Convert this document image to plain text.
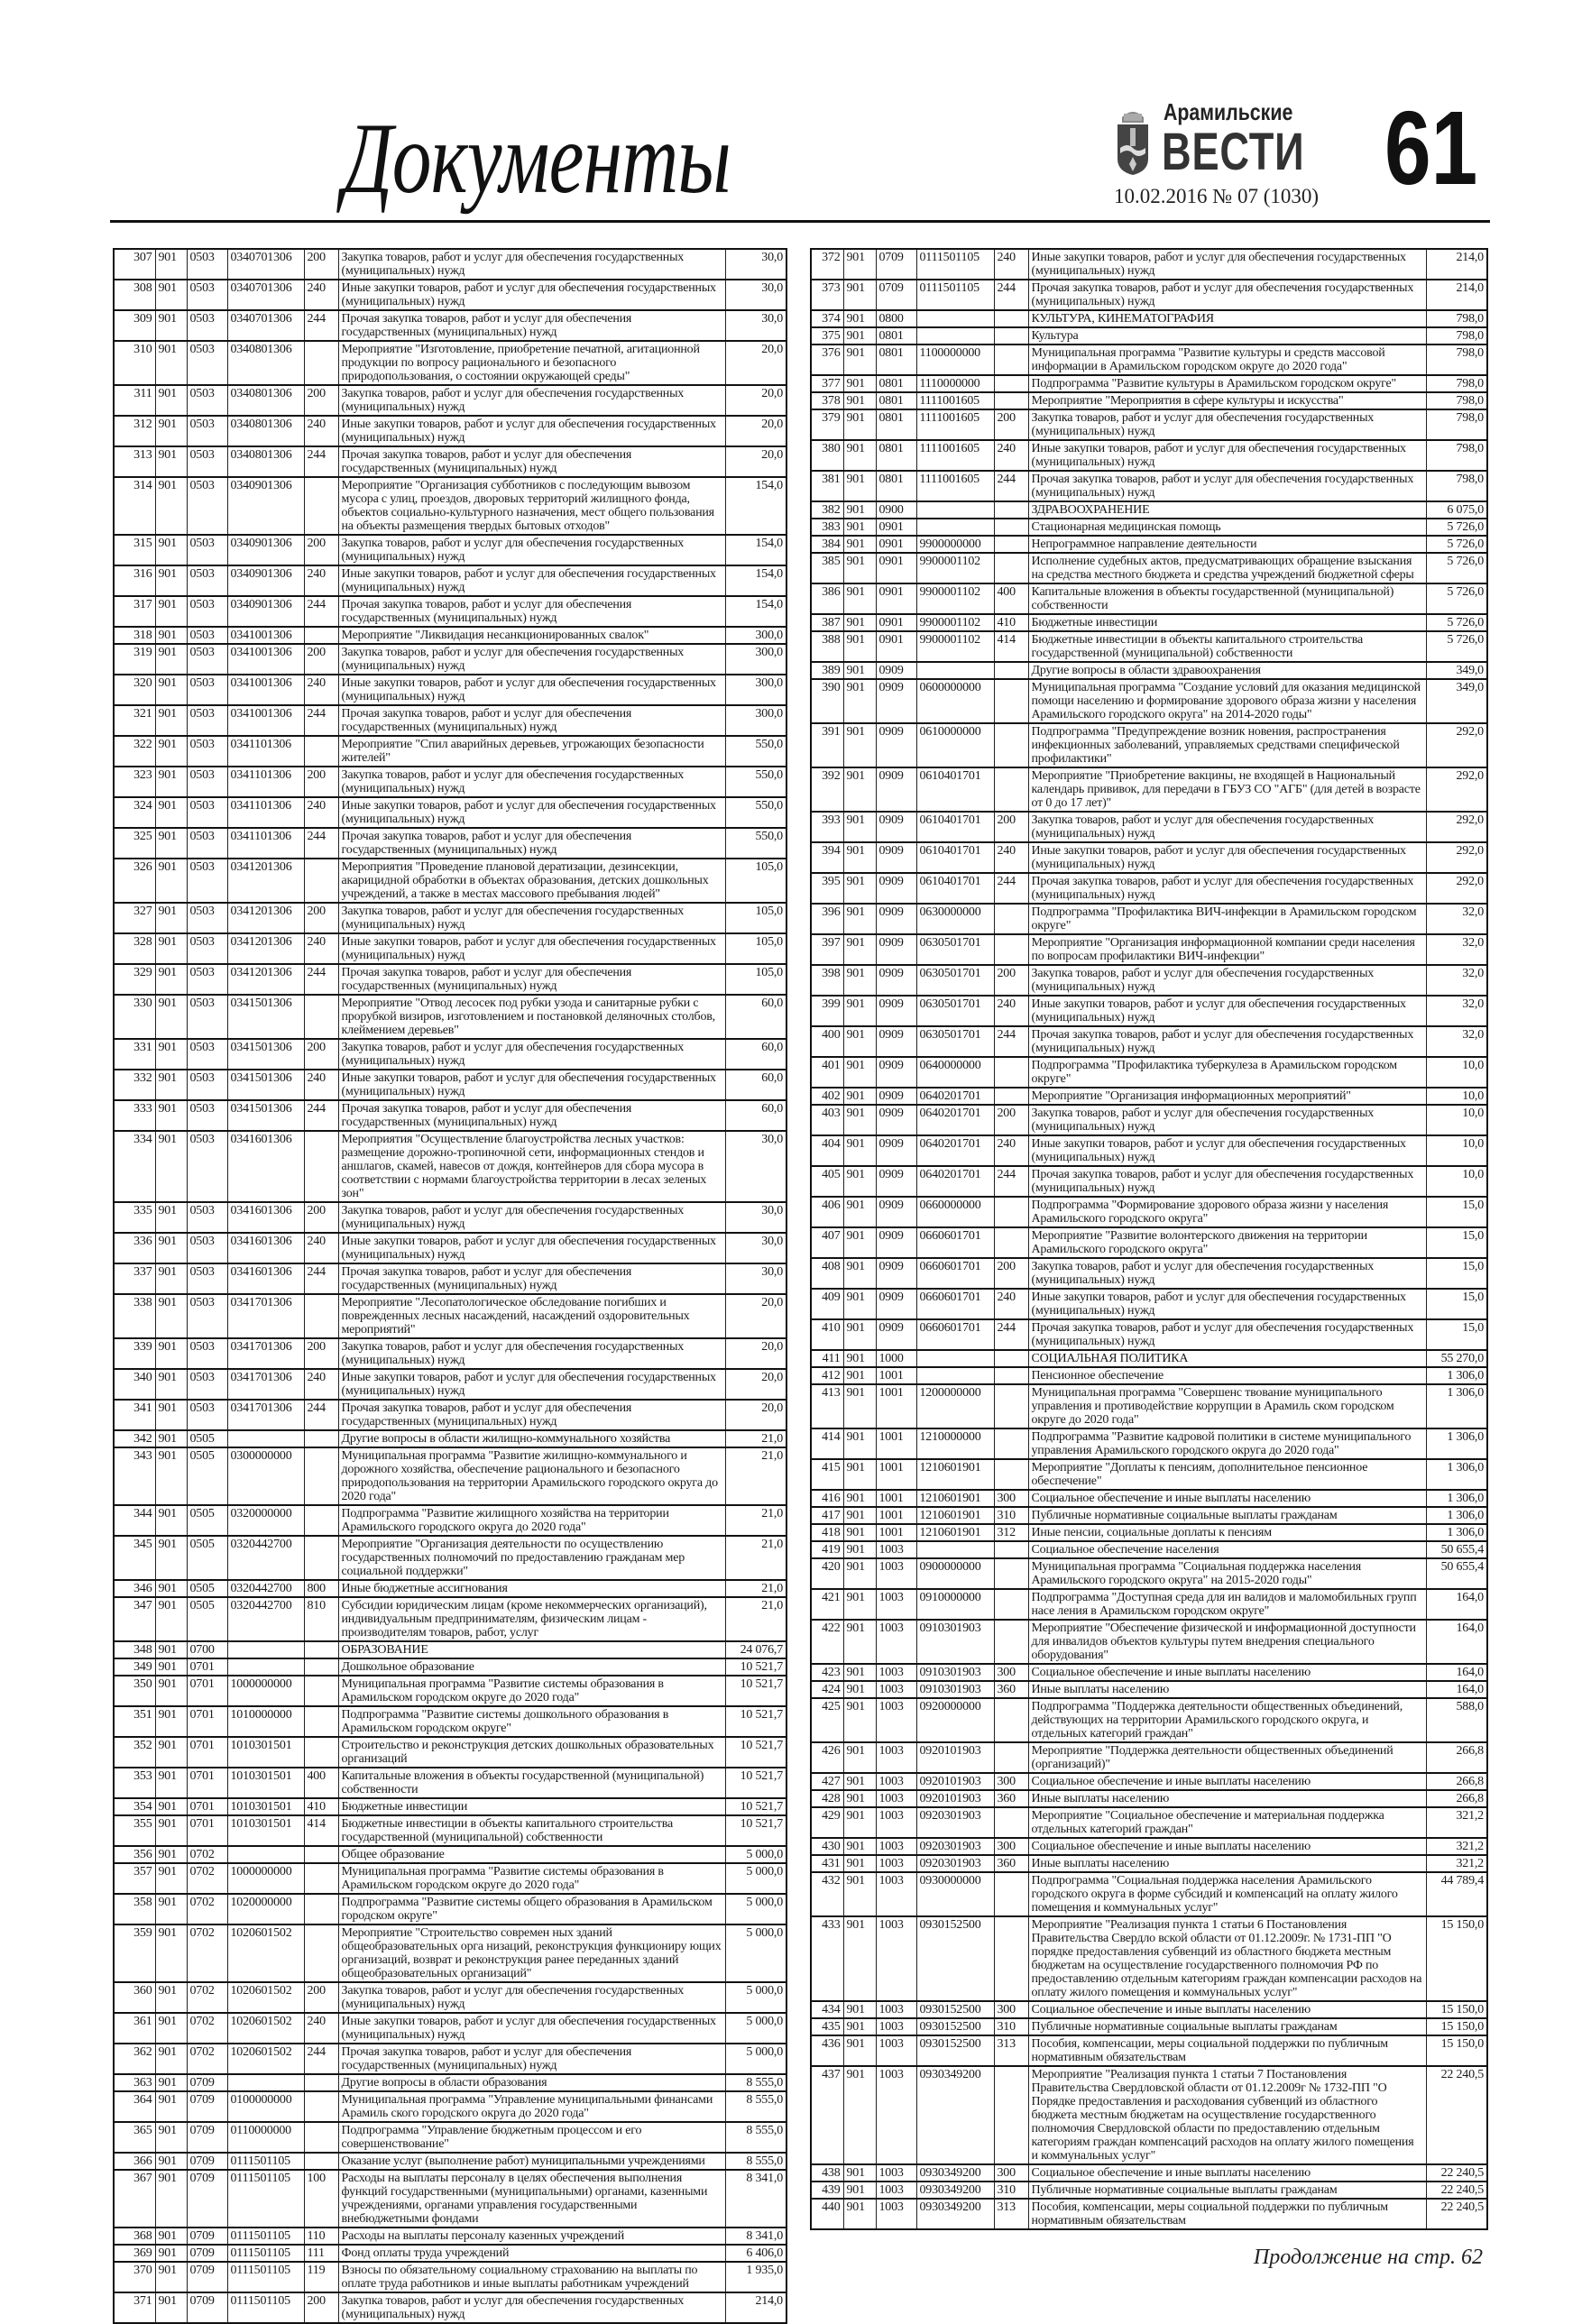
Документы	Арамильские
ВЕСТИ 61
10.02.2016 № 07 (1030)
307	901	0503	0340701306	200	Закупка товаров, работ и услуг для обеспечения государственных (муниципальных) нужд	30,0
308	901	0503	0340701306	240	Иные закупки товаров, работ и услуг для обеспечения государственных (муниципальных) нужд	30,0
309	901	0503	0340701306	244	Прочая закупка товаров, работ и услуг для обеспечения государственных (муниципальных) нужд	30,0
310	901	0503	0340801306		Мероприятие "Изготовление, приобретение печатной, агитационной продукции по вопросу рационального и безопасного природопользования, о состоянии окружающей среды"	20,0
311	901	0503	0340801306	200	Закупка товаров, работ и услуг для обеспечения государственных (муниципальных) нужд	20,0
312	901	0503	0340801306	240	Иные закупки товаров, работ и услуг для обеспечения государственных (муниципальных) нужд	20,0
313	901	0503	0340801306	244	Прочая закупка товаров, работ и услуг для обеспечения государственных (муниципальных) нужд	20,0
314	901	0503	0340901306		Мероприятие "Организация субботников с последующим вывозом мусора с улиц, проездов, дворовых территорий жилищного фонда, объектов социально-культурного назначения, мест общего пользования на объекты размещения твердых бытовых отходов"	154,0
315	901	0503	0340901306	200	Закупка товаров, работ и услуг для обеспечения государственных (муниципальных) нужд	154,0
316	901	0503	0340901306	240	Иные закупки товаров, работ и услуг для обеспечения государственных (муниципальных) нужд	154,0
317	901	0503	0340901306	244	Прочая закупка товаров, работ и услуг для обеспечения государственных (муниципальных) нужд	154,0
318	901	0503	0341001306		Мероприятие "Ликвидация несанкционированных свалок"	300,0
319	901	0503	0341001306	200	Закупка товаров, работ и услуг для обеспечения государственных (муниципальных) нужд	300,0
320	901	0503	0341001306	240	Иные закупки товаров, работ и услуг для обеспечения государственных (муниципальных) нужд	300,0
321	901	0503	0341001306	244	Прочая закупка товаров, работ и услуг для обеспечения государственных (муниципальных) нужд	300,0
322	901	0503	0341101306		Мероприятие "Спил аварийных деревьев, угрожающих безопасности жителей"	550,0
323	901	0503	0341101306	200	Закупка товаров, работ и услуг для обеспечения государственных (муниципальных) нужд	550,0
324	901	0503	0341101306	240	Иные закупки товаров, работ и услуг для обеспечения государственных (муниципальных) нужд	550,0
325	901	0503	0341101306	244	Прочая закупка товаров, работ и услуг для обеспечения государственных (муниципальных) нужд	550,0
326	901	0503	0341201306		Мероприятия "Проведение плановой дератизации, дезинсекции, акарицидной обработки в объектах образования, детских дошкольных учреждений, а также в местах массового пребывания людей"	105,0
327	901	0503	0341201306	200	Закупка товаров, работ и услуг для обеспечения государственных (муниципальных) нужд	105,0
328	901	0503	0341201306	240	Иные закупки товаров, работ и услуг для обеспечения государственных (муниципальных) нужд	105,0
329	901	0503	0341201306	244	Прочая закупка товаров, работ и услуг для обеспечения государственных (муниципальных) нужд	105,0
330	901	0503	0341501306		Мероприятие "Отвод лесосек под рубки узода и санитарные рубки с прорубкой визиров, изготовлением и постановкой деляночных столбов, клеймением деревьев"	60,0
331	901	0503	0341501306	200	Закупка товаров, работ и услуг для обеспечения государственных (муниципальных) нужд	60,0
332	901	0503	0341501306	240	Иные закупки товаров, работ и услуг для обеспечения государственных (муниципальных) нужд	60,0
333	901	0503	0341501306	244	Прочая закупка товаров, работ и услуг для обеспечения государственных (муниципальных) нужд	60,0
334	901	0503	0341601306		Мероприятия "Осуществление благоустройства лесных участков: размещение дорожно-тропиночной сети, информационных стендов и аншлагов, скамей, навесов от дождя, контейнеров для сбора мусора в соответствии с нормами благоустройства территории в лесах зеленых зон"	30,0
335	901	0503	0341601306	200	Закупка товаров, работ и услуг для обеспечения государственных (муниципальных) нужд	30,0
336	901	0503	0341601306	240	Иные закупки товаров, работ и услуг для обеспечения государственных (муниципальных) нужд	30,0
337	901	0503	0341601306	244	Прочая закупка товаров, работ и услуг для обеспечения государственных (муниципальных) нужд	30,0
338	901	0503	0341701306		Мероприятие "Лесопатологическое обследование погибших и поврежденных лесных насаждений, насаждений оздоровительных мероприятий"	20,0
339	901	0503	0341701306	200	Закупка товаров, работ и услуг для обеспечения государственных (муниципальных) нужд	20,0
340	901	0503	0341701306	240	Иные закупки товаров, работ и услуг для обеспечения государственных (муниципальных) нужд	20,0
341	901	0503	0341701306	244	Прочая закупка товаров, работ и услуг для обеспечения государственных (муниципальных) нужд	20,0
342	901	0505			Другие вопросы в области жилищно-коммунального хозяйства	21,0
343	901	0505	0300000000		Муниципальная программа "Развитие жилищно-коммунального и дорожного хозяйства, обеспечение рационального и безопасного природопользования на территории Арамильского городского округа до 2020 года"	21,0
344	901	0505	0320000000		Подпрограмма "Развитие жилищного хозяйства на территории Арамильского городского округа до 2020 года"	21,0
345	901	0505	0320442700		Мероприятие "Организация деятельности по осуществлению государственных полномочий по предоставлению гражданам мер социальной поддержки"	21,0
346	901	0505	0320442700	800	Иные бюджетные ассигнования	21,0
347	901	0505	0320442700	810	Субсидии юридическим лицам (кроме некоммерческих организаций), индивидуальным предпринимателям, физическим лицам - производителям товаров, работ, услуг	21,0
348	901	0700			ОБРАЗОВАНИЕ	24 076,7
349	901	0701			Дошкольное образование	10 521,7
350	901	0701	1000000000		Муниципальная программа "Развитие системы образования в Арамильском городском округе до 2020 года"	10 521,7
351	901	0701	1010000000		Подпрограмма "Развитие системы дошкольного образования в Арамильском городском округе"	10 521,7
352	901	0701	1010301501		Строительство и реконструкция детских дошкольных образовательных организаций	10 521,7
353	901	0701	1010301501	400	Капитальные вложения в объекты государственной (муниципальной) собственности	10 521,7
354	901	0701	1010301501	410	Бюджетные инвестиции	10 521,7
355	901	0701	1010301501	414	Бюджетные инвестиции в объекты капитального строительства государственной (муниципальной) собственности	10 521,7
356	901	0702			Общее образование	5 000,0
357	901	0702	1000000000		Муниципальная программа "Развитие системы образования в Арамильском городском округе до 2020 года"	5 000,0
358	901	0702	1020000000		Подпрограмма "Развитие системы общего образования в Арамильском городском округе"	5 000,0
359	901	0702	1020601502		Мероприятие "Строительство современ ных зданий общеобразовательных орга низаций, реконструкция функциониру ющих организаций, возврат и реконструкция ранее переданных зданий общеобразовательных организаций"	5 000,0
360	901	0702	1020601502	200	Закупка товаров, работ и услуг для обеспечения государственных (муниципальных) нужд	5 000,0
361	901	0702	1020601502	240	Иные закупки товаров, работ и услуг для обеспечения государственных (муниципальных) нужд	5 000,0
362	901	0702	1020601502	244	Прочая закупка товаров, работ и услуг для обеспечения государственных (муниципальных) нужд	5 000,0
363	901	0709			Другие вопросы в области образования	8 555,0
364	901	0709	0100000000		Муниципальная программа "Управление муниципальными финансами Арамиль ского городского округа до 2020 года"	8 555,0
365	901	0709	0110000000		Подпрограмма "Управление бюджетным процессом и его совершенствование"	8 555,0
366	901	0709	0111501105		Оказание услуг (выполнение работ) муниципальными учреждениями	8 555,0
367	901	0709	0111501105	100	Расходы на выплаты персоналу в целях обеспечения выполнения функций государственными (муниципальными) органами, казенными учреждениями, органами управления государственными внебюджетными фондами	8 341,0
368	901	0709	0111501105	110	Расходы на выплаты персоналу казенных учреждений	8 341,0
369	901	0709	0111501105	111	Фонд оплаты труда учреждений	6 406,0
370	901	0709	0111501105	119	Взносы по обязательному социальному страхованию на выплаты по оплате труда работников и иные выплаты работникам учреждений	1 935,0
371	901	0709	0111501105	200	Закупка товаров, работ и услуг для обеспечения государственных (муниципальных) нужд	214,0
372	901	0709	0111501105	240	Иные закупки товаров, работ и услуг для обеспечения государственных (муниципальных) нужд	214,0
373	901	0709	0111501105	244	Прочая закупка товаров, работ и услуг для обеспечения государственных (муниципальных) нужд	214,0
374	901	0800			КУЛЬТУРА, КИНЕМАТОГРАФИЯ	798,0
375	901	0801			Культура	798,0
376	901	0801	1100000000		Муниципальная программа "Развитие культуры и средств массовой информации в Арамильском городском округе до 2020 года"	798,0
377	901	0801	1110000000		Подпрограмма "Развитие культуры в Арамильском городском округе"	798,0
378	901	0801	1111001605		Мероприятие "Мероприятия в сфере культуры и искусства"	798,0
379	901	0801	1111001605	200	Закупка товаров, работ и услуг для обеспечения государственных (муниципальных) нужд	798,0
380	901	0801	1111001605	240	Иные закупки товаров, работ и услуг для обеспечения государственных (муниципальных) нужд	798,0
381	901	0801	1111001605	244	Прочая закупка товаров, работ и услуг для обеспечения государственных (муниципальных) нужд	798,0
382	901	0900			ЗДРАВООХРАНЕНИЕ	6 075,0
383	901	0901			Стационарная медицинская помощь	5 726,0
384	901	0901	9900000000		Непрограммное направление деятельности	5 726,0
385	901	0901	9900001102		Исполнение судебных актов, предусматривающих обращение взыскания на средства местного бюджета и средства учреждений бюджетной сферы	5 726,0
386	901	0901	9900001102	400	Капитальные вложения в объекты государственной (муниципальной) собственности	5 726,0
387	901	0901	9900001102	410	Бюджетные инвестиции	5 726,0
388	901	0901	9900001102	414	Бюджетные инвестиции в объекты капитального строительства государственной (муниципальной) собственности	5 726,0
389	901	0909			Другие вопросы в области здравоохранения	349,0
390	901	0909	0600000000		Муниципальная программа "Создание условий для оказания медицинской помощи населению и формирование здорового образа жизни у населения Арамильского городского округа" на 2014-2020 годы"	349,0
391	901	0909	0610000000		Подпрограмма "Предупреждение возник новения, распространения инфекционных заболеваний, управляемых средствами специфической профилактики"	292,0
392	901	0909	0610401701		Мероприятие "Приобретение вакцины, не входящей в Национальный календарь прививок, для передачи в ГБУЗ СО "АГБ" (для детей в возрасте от 0 до 17 лет)"	292,0
393	901	0909	0610401701	200	Закупка товаров, работ и услуг для обеспечения государственных (муниципальных) нужд	292,0
394	901	0909	0610401701	240	Иные закупки товаров, работ и услуг для обеспечения государственных (муниципальных) нужд	292,0
395	901	0909	0610401701	244	Прочая закупка товаров, работ и услуг для обеспечения государственных (муниципальных) нужд	292,0
396	901	0909	0630000000		Подпрограмма "Профилактика ВИЧ-инфекции в Арамильском городском округе"	32,0
397	901	0909	0630501701		Мероприятие "Организация информационной компании среди населения по вопросам профилактики ВИЧ-инфекции"	32,0
398	901	0909	0630501701	200	Закупка товаров, работ и услуг для обеспечения государственных (муниципальных) нужд	32,0
399	901	0909	0630501701	240	Иные закупки товаров, работ и услуг для обеспечения государственных (муниципальных) нужд	32,0
400	901	0909	0630501701	244	Прочая закупка товаров, работ и услуг для обеспечения государственных (муниципальных) нужд	32,0
401	901	0909	0640000000		Подпрограмма "Профилактика туберкулеза в Арамильском городском округе"	10,0
402	901	0909	0640201701		Мероприятие "Организация информационных мероприятий"	10,0
403	901	0909	0640201701	200	Закупка товаров, работ и услуг для обеспечения государственных (муниципальных) нужд	10,0
404	901	0909	0640201701	240	Иные закупки товаров, работ и услуг для обеспечения государственных (муниципальных) нужд	10,0
405	901	0909	0640201701	244	Прочая закупка товаров, работ и услуг для обеспечения государственных (муниципальных) нужд	10,0
406	901	0909	0660000000		Подпрограмма "Формирование здорового образа жизни у населения Арамильского городского округа"	15,0
407	901	0909	0660601701		Мероприятие "Развитие волонтерского движения на территории Арамильского городского округа"	15,0
408	901	0909	0660601701	200	Закупка товаров, работ и услуг для обеспечения государственных (муниципальных) нужд	15,0
409	901	0909	0660601701	240	Иные закупки товаров, работ и услуг для обеспечения государственных (муниципальных) нужд	15,0
410	901	0909	0660601701	244	Прочая закупка товаров, работ и услуг для обеспечения государственных (муниципальных) нужд	15,0
411	901	1000			СОЦИАЛЬНАЯ ПОЛИТИКА	55 270,0
412	901	1001			Пенсионное обеспечение	1 306,0
413	901	1001	1200000000		Муниципальная программа "Совершенс твование муниципального управления и противодействие коррупции в Арамиль ском городском округе до 2020 года"	1 306,0
414	901	1001	1210000000		Подпрограмма "Развитие кадровой политики в системе муниципального управления Арамильского городского округа до 2020 года"	1 306,0
415	901	1001	1210601901		Мероприятие "Доплаты к пенсиям, дополнительное пенсионное обеспечение"	1 306,0
416	901	1001	1210601901	300	Социальное обеспечение и иные выплаты населению	1 306,0
417	901	1001	1210601901	310	Публичные нормативные социальные выплаты гражданам	1 306,0
418	901	1001	1210601901	312	Иные пенсии, социальные доплаты к пенсиям	1 306,0
419	901	1003			Социальное обеспечение населения	50 655,4
420	901	1003	0900000000		Муниципальная программа "Социальная поддержка населения Арамильского городского округа" на 2015-2020 годы"	50 655,4
421	901	1003	0910000000		Подпрограмма "Доступная среда для ин валидов и маломобильных групп насе ления в Арамильском городском округе"	164,0
422	901	1003	0910301903		Мероприятие "Обеспечение физической и информационной доступности для инвалидов объектов культуры путем внедрения специального оборудования"	164,0
423	901	1003	0910301903	300	Социальное обеспечение и иные выплаты населению	164,0
424	901	1003	0910301903	360	Иные выплаты населению	164,0
425	901	1003	0920000000		Подпрограмма "Поддержка деятельности общественных объединений, действующих на территории Арамильского городского округа, и отдельных категорий граждан"	588,0
426	901	1003	0920101903		Мероприятие "Поддержка деятельности общественных объединений (организаций)"	266,8
427	901	1003	0920101903	300	Социальное обеспечение и иные выплаты населению	266,8
428	901	1003	0920101903	360	Иные выплаты населению	266,8
429	901	1003	0920301903		Мероприятие "Социальное обеспечение и материальная поддержка отдельных категорий граждан"	321,2
430	901	1003	0920301903	300	Социальное обеспечение и иные выплаты населению	321,2
431	901	1003	0920301903	360	Иные выплаты населению	321,2
432	901	1003	0930000000		Подпрограмма "Социальная поддержка населения Арамильского городского округа в форме субсидий и компенсаций на оплату жилого помещения и коммунальных услуг"	44 789,4
433	901	1003	0930152500		Мероприятие "Реализация пункта 1 статьи 6 Постановления Правительства Свердло вской области от 01.12.2009г. № 1731-ПП "О порядке предоставления субвенций из областного бюджета местным бюджетам на осуществление государственного полномочия РФ по предоставлению отдельным категориям граждан компенсации расходов на оплату жилого помещения и коммунальных услуг"	15 150,0
434	901	1003	0930152500	300	Социальное обеспечение и иные выплаты населению	15 150,0
435	901	1003	0930152500	310	Публичные нормативные социальные выплаты гражданам	15 150,0
436	901	1003	0930152500	313	Пособия, компенсации, меры социальной поддержки по публичным нормативным обязательствам	15 150,0
437	901	1003	0930349200		Мероприятие "Реализация пункта 1 статьи 7 Постановления Правительства Свердловской области от 01.12.2009г № 1732-ПП "О Порядке предоставления и расходования субвенций из областного бюджета местным бюджетам на осуществление государственного полномочия Свердловской области по предоставлению отдельным категориям граждан компенсаций расходов на оплату жилого помещения и коммунальных услуг"	22 240,5
438	901	1003	0930349200	300	Социальное обеспечение и иные выплаты населению	22 240,5
439	901	1003	0930349200	310	Публичные нормативные социальные выплаты гражданам	22 240,5
440	901	1003	0930349200	313	Пособия, компенсации, меры социальной поддержки по публичным нормативным обязательствам	22 240,5
Продолжение на стр. 62
